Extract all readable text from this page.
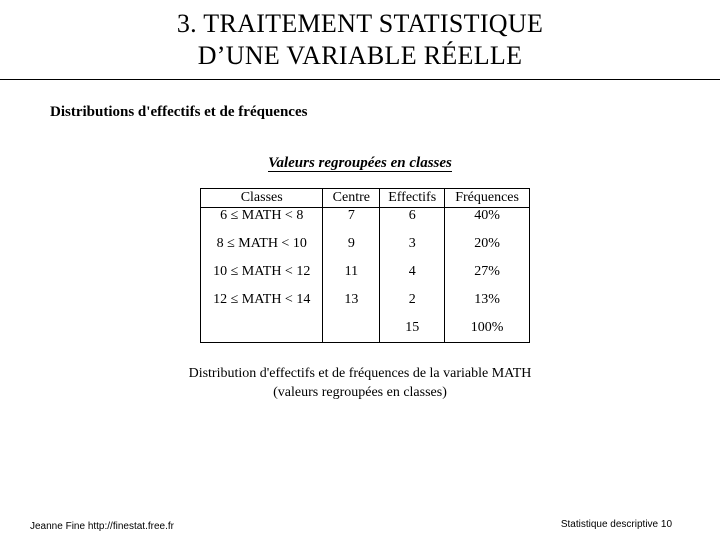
3. TRAITEMENT STATISTIQUE
D’UNE VARIABLE RÉELLE
Distributions d'effectifs et de fréquences
Valeurs regroupées en classes
Classes	Centre	Effectifs	Fréquences
6 ≤ MATH < 8	7	6	40%
8 ≤ MATH < 10	9	3	20%
10 ≤ MATH < 12	11	4	27%
12 ≤ MATH < 14	13	2	13%
		15	100%
Distribution d'effectifs et de fréquences de la variable MATH
(valeurs regroupées en classes)
Jeanne Fine http://finestat.free.fr	Statistique descriptive 10
